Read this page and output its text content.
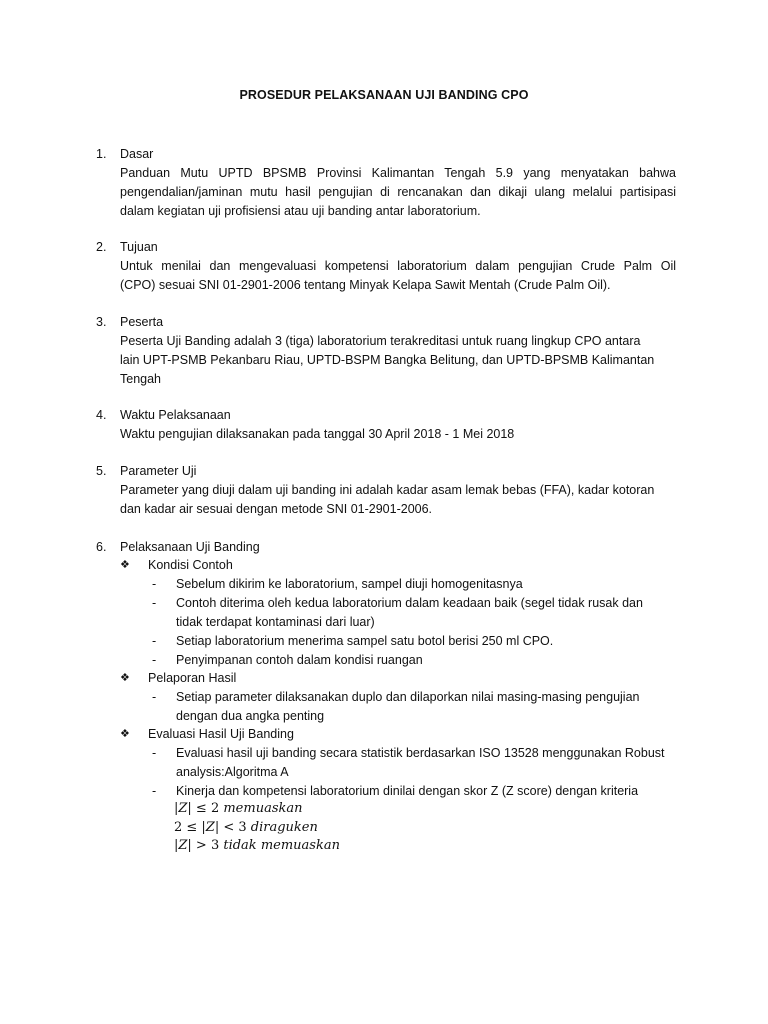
PROSEDUR PELAKSANAAN UJI BANDING CPO
1.	Dasar
Panduan Mutu UPTD BPSMB Provinsi Kalimantan Tengah 5.9 yang menyatakan bahwa
pengendalian/jaminan mutu hasil pengujian di rencanakan dan dikaji ulang melalui partisipasi
dalam kegiatan uji profisiensi atau uji banding antar laboratorium.
2.	Tujuan
Untuk menilai dan mengevaluasi kompetensi laboratorium dalam pengujian Crude Palm Oil
(CPO) sesuai SNI 01-2901-2006 tentang Minyak Kelapa Sawit Mentah (Crude Palm Oil).
3.	Peserta
Peserta Uji Banding adalah 3 (tiga) laboratorium terakreditasi untuk ruang lingkup CPO antara
lain UPT-PSMB Pekanbaru Riau, UPTD-BSPM Bangka Belitung, dan UPTD-BPSMB Kalimantan
Tengah
4.	Waktu Pelaksanaan
Waktu pengujian dilaksanakan pada tanggal 30 April 2018 - 1 Mei 2018
5.	Parameter Uji
Parameter yang diuji dalam uji banding ini adalah kadar asam lemak bebas (FFA), kadar kotoran
dan kadar air sesuai dengan metode SNI 01-2901-2006.
6.	Pelaksanaan Uji Banding
❖ Kondisi Contoh
- Sebelum dikirim ke laboratorium, sampel diuji homogenitasnya
- Contoh diterima oleh kedua laboratorium dalam keadaan baik (segel tidak rusak dan
tidak terdapat kontaminasi dari luar)
- Setiap laboratorium menerima sampel satu botol berisi 250 ml CPO.
- Penyimpanan contoh dalam kondisi ruangan
❖ Pelaporan Hasil
- Setiap parameter dilaksanakan duplo dan dilaporkan nilai masing-masing pengujian
dengan dua angka penting
❖ Evaluasi Hasil Uji Banding
- Evaluasi hasil uji banding secara statistik berdasarkan ISO 13528 menggunakan Robust
analysis:Algoritma A
- Kinerja dan kompetensi laboratorium dinilai dengan skor Z (Z score) dengan kriteria
|𝑍| ≤ 2 𝑚𝑒𝑚𝑢𝑎𝑠𝑘𝑎𝑛
2 ≤ |𝑍| < 3 𝑑𝑖𝑟𝑎𝑔𝑢𝑘𝑒𝑛
|𝑍| > 3 𝑡𝑖𝑑𝑎𝑘 𝑚𝑒𝑚𝑢𝑎𝑠𝑘𝑎𝑛
